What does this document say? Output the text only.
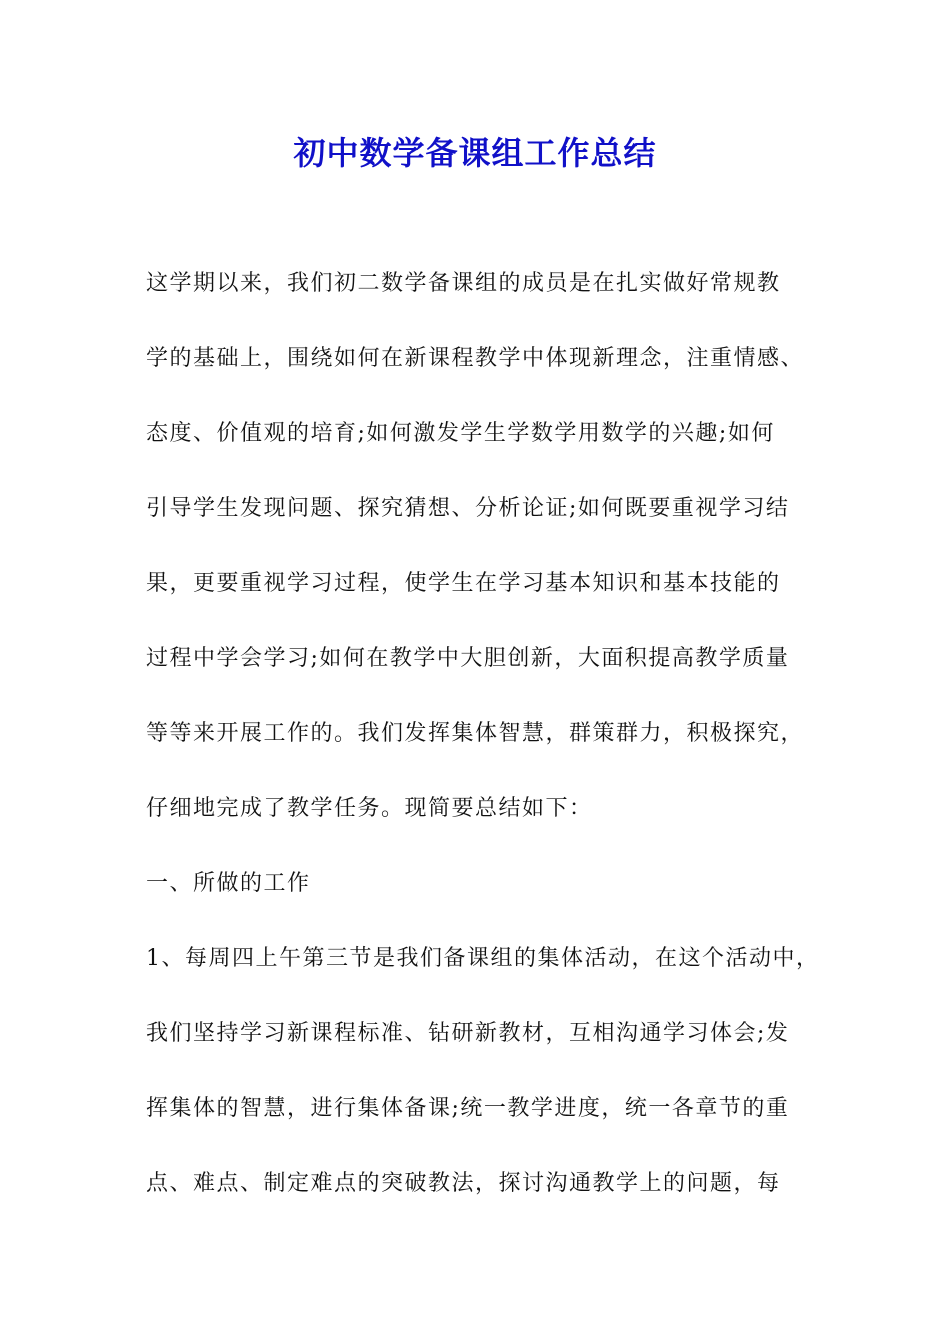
初中数学备课组工作总结
这学期以来，我们初二数学备课组的成员是在扎实做好常规教
学的基础上，围绕如何在新课程教学中体现新理念，注重情感、
态度、价值观的培育;如何激发学生学数学用数学的兴趣;如何
引导学生发现问题、探究猜想、分析论证;如何既要重视学习结
果，更要重视学习过程，使学生在学习基本知识和基本技能的
过程中学会学习;如何在教学中大胆创新，大面积提高教学质量
等等来开展工作的。我们发挥集体智慧，群策群力，积极探究，
仔细地完成了教学任务。现简要总结如下：
一、所做的工作
1、每周四上午第三节是我们备课组的集体活动，在这个活动中，
我们坚持学习新课程标准、钻研新教材，互相沟通学习体会;发
挥集体的智慧，进行集体备课;统一教学进度，统一各章节的重
点、难点、制定难点的突破教法，探讨沟通教学上的问题，每
